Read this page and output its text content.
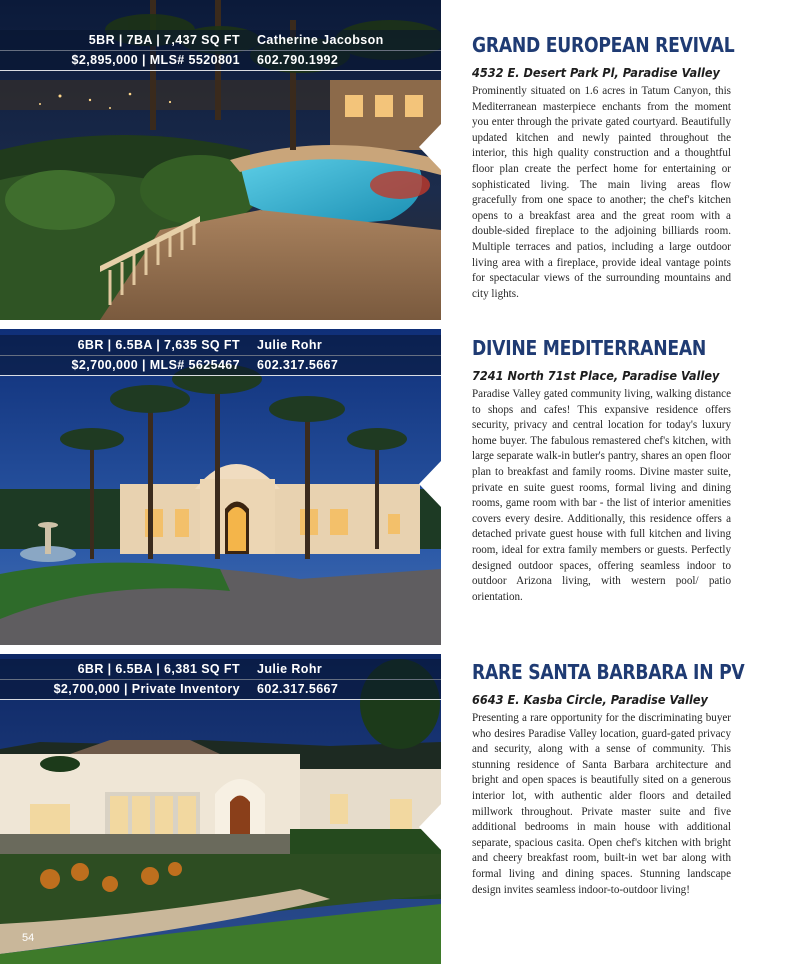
5BR | 7BA | 7,437 SQ FT Catherine Jacobson
$2,895,000 | MLS# 5520801 602.790.1992
GRAND EUROPEAN REVIVAL
4532 E. Desert Park Pl, Paradise Valley
Prominently situated on 1.6 acres in Tatum Canyon, this Mediterranean masterpiece enchants from the moment you enter through the private gated courtyard. Beautifully updated kitchen and newly painted throughout the interior, this high quality construction and a thoughtful floor plan create the perfect home for entertaining or sophisticated living. The main living areas flow gracefully from one space to another; the chef's kitchen opens to a breakfast area and the great room with a double-sided fireplace to the adjoining billiards room. Multiple terraces and patios, including a large outdoor living area with a fireplace, provide ideal vantage points for spectacular views of the surrounding mountains and city lights.
6BR | 6.5BA | 7,635 SQ FT Julie Rohr
$2,700,000 | MLS# 5625467 602.317.5667
DIVINE MEDITERRANEAN
7241 North 71st Place, Paradise Valley
Paradise Valley gated community living, walking distance to shops and cafes! This expansive residence offers security, privacy and central location for today's luxury home buyer. The fabulous remastered chef's kitchen, with large separate walk-in butler's pantry, shares an open floor plan to breakfast and family rooms. Divine master suite, private en suite guest rooms, formal living and dining rooms, game room with bar - the list of interior amenities covers every desire. Additionally, this residence offers a detached private guest house with full kitchen and living room, ideal for extra family members or guests. Perfectly designed outdoor spaces, offering seamless indoor to outdoor Arizona living, with western pool/ patio orientation.
6BR | 6.5BA | 6,381 SQ FT Julie Rohr
$2,700,000 | Private Inventory 602.317.5667
RARE SANTA BARBARA IN PV
6643 E. Kasba Circle, Paradise Valley
Presenting a rare opportunity for the discriminating buyer who desires Paradise Valley location, guard-gated privacy and security, along with a sense of community. This stunning residence of Santa Barbara architecture and bright and open spaces is beautifully sited on a generous interior lot, with authentic alder floors and detailed millwork throughout. Private master suite and five additional bedrooms in main house with additional separate, spacious casita. Open chef's kitchen with bright and cheery breakfast room, built-in wet bar along with formal living and dining spaces. Stunning landscape design invites seamless indoor-to-outdoor living!
54
